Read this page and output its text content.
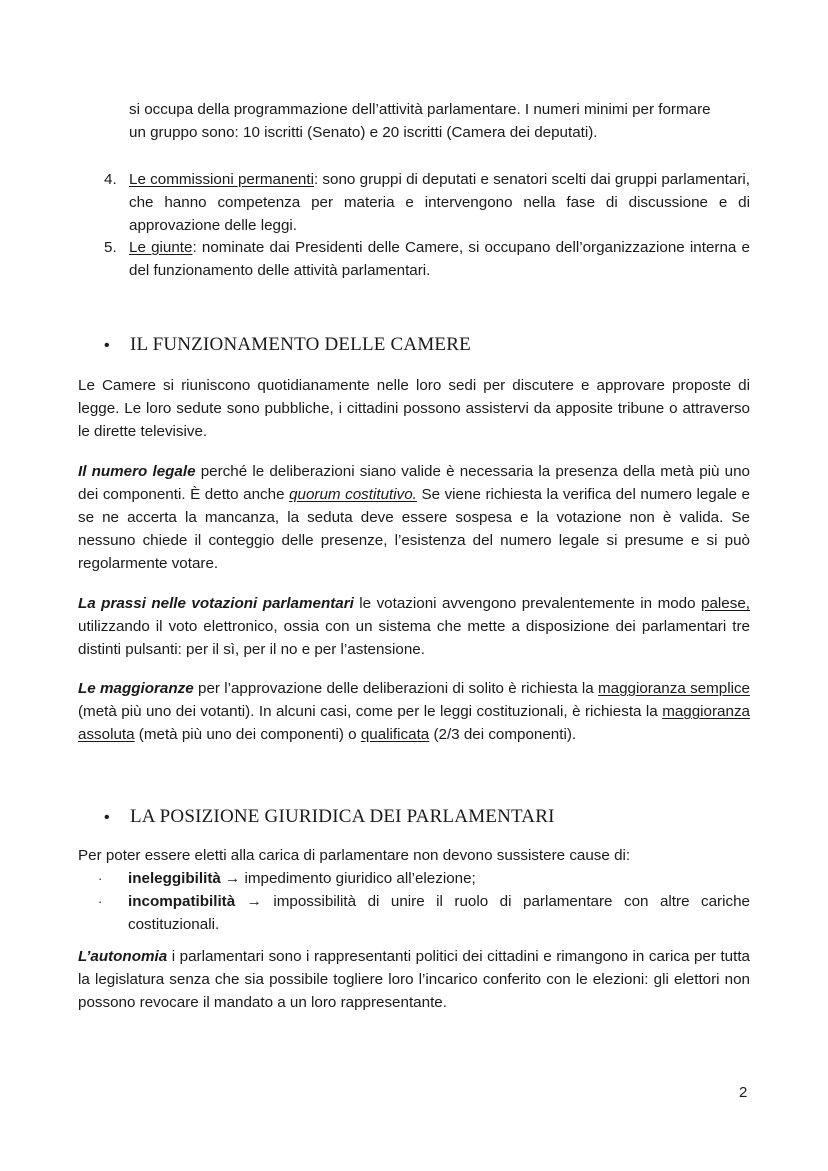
si occupa della programmazione dell’attività parlamentare. I numeri minimi per formare
un gruppo sono: 10 iscritti (Senato) e 20 iscritti (Camera dei deputati).
4. Le commissioni permanenti: sono gruppi di deputati e senatori scelti dai gruppi parlamentari, che hanno competenza per materia e intervengono nella fase di discussione e di approvazione delle leggi.
5. Le giunte: nominate dai Presidenti delle Camere, si occupano dell’organizzazione interna e del funzionamento delle attività parlamentari.
• IL FUNZIONAMENTO DELLE CAMERE
Le Camere si riuniscono quotidianamente nelle loro sedi per discutere e approvare proposte di legge. Le loro sedute sono pubbliche, i cittadini possono assistervi da apposite tribune o attraverso le dirette televisive.
Il numero legale perché le deliberazioni siano valide è necessaria la presenza della metà più uno dei componenti. È detto anche quorum costitutivo. Se viene richiesta la verifica del numero legale e se ne accerta la mancanza, la seduta deve essere sospesa e la votazione non è valida. Se nessuno chiede il conteggio delle presenze, l’esistenza del numero legale si presume e si può regolarmente votare.
La prassi nelle votazioni parlamentari le votazioni avvengono prevalentemente in modo palese, utilizzando il voto elettronico, ossia con un sistema che mette a disposizione dei parlamentari tre distinti pulsanti: per il sì, per il no e per l’astensione.
Le maggioranze per l’approvazione delle deliberazioni di solito è richiesta la maggioranza semplice (metà più uno dei votanti). In alcuni casi, come per le leggi costituzionali, è richiesta la maggioranza assoluta (metà più uno dei componenti) o qualificata (2/3 dei componenti).
• LA POSIZIONE GIURIDICA DEI PARLAMENTARI
Per poter essere eletti alla carica di parlamentare non devono sussistere cause di:
· ineleggibilità → impedimento giuridico all’elezione;
· incompatibilità → impossibilità di unire il ruolo di parlamentare con altre cariche costituzionali.
L’autonomia i parlamentari sono i rappresentanti politici dei cittadini e rimangono in carica per tutta la legislatura senza che sia possibile togliere loro l’incarico conferito con le elezioni: gli elettori non possono revocare il mandato a un loro rappresentante.
2
